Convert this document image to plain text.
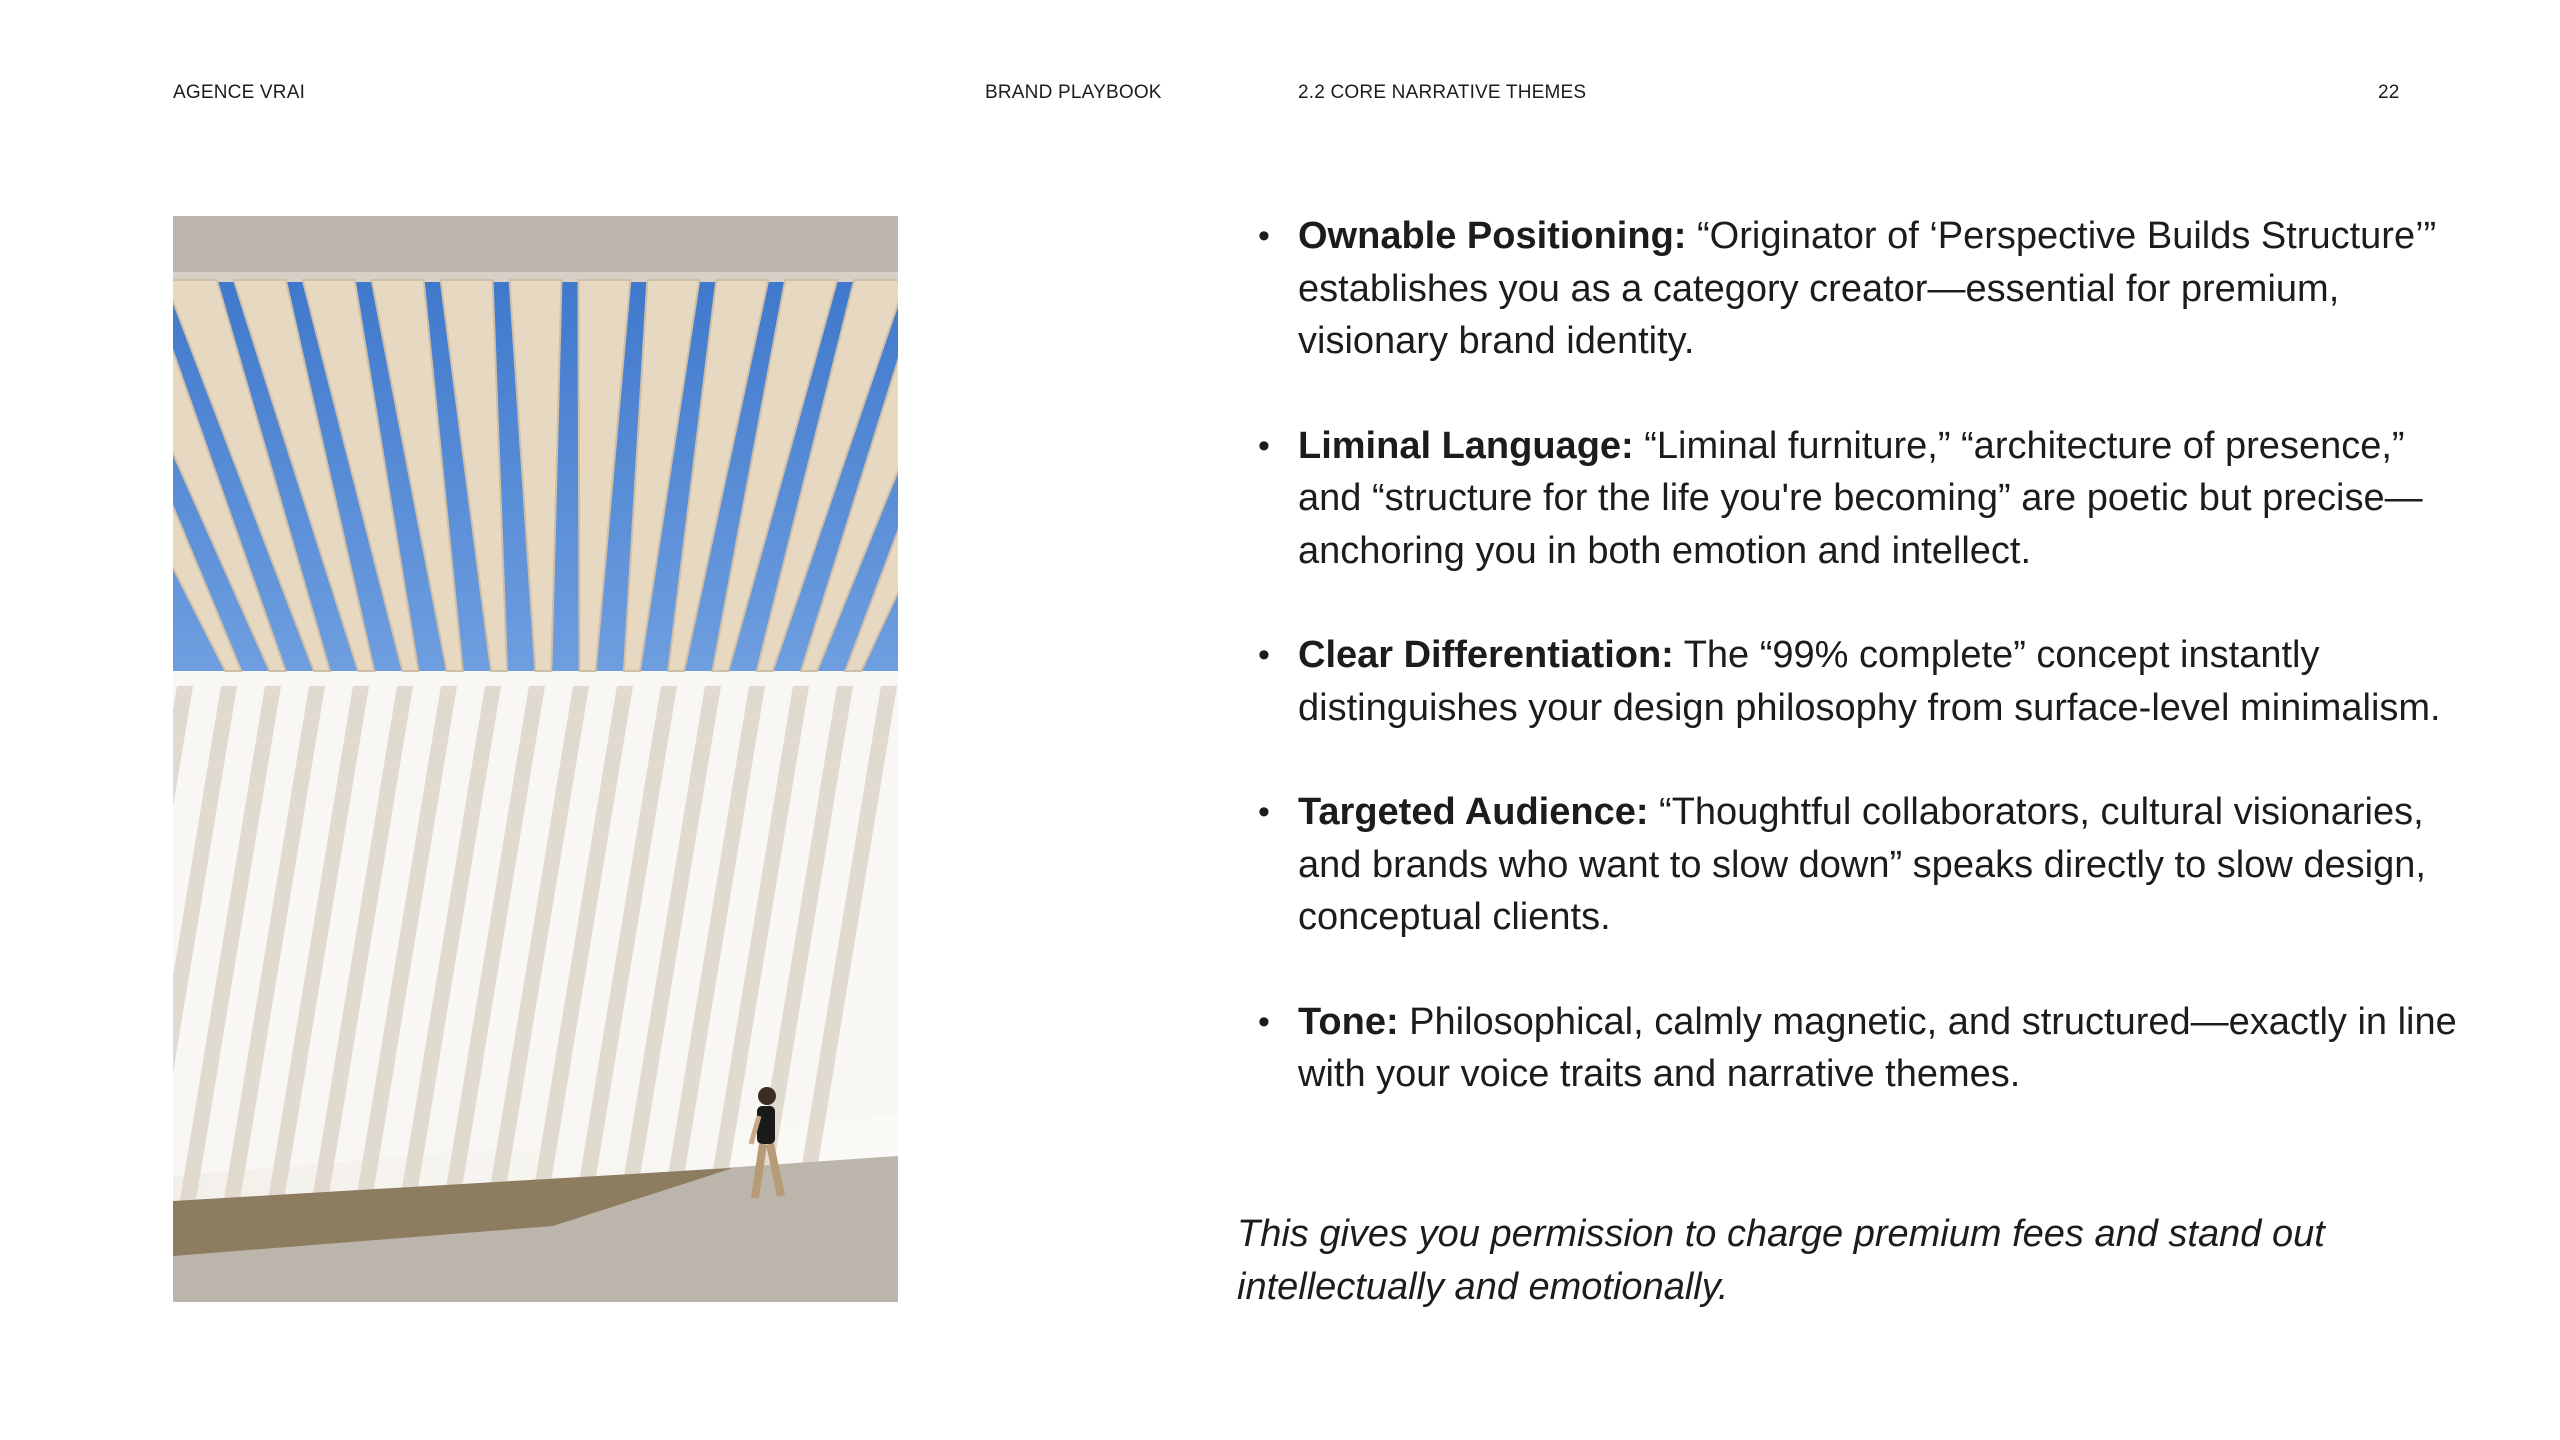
AGENCE VRAI	BRAND PLAYBOOK	2.2 CORE NARRATIVE THEMES	22
• Ownable Positioning: “Originator of ‘Perspective Builds Structure’” establishes you as a category creator—essential for premium, visionary brand identity.
• Liminal Language: “Liminal furniture,” “architecture of presence,” and “structure for the life you're becoming” are poetic but precise—anchoring you in both emotion and intellect.
• Clear Differentiation: The “99% complete” concept instantly distinguishes your design philosophy from surface-level minimalism.
• Targeted Audience: “Thoughtful collaborators, cultural visionaries, and brands who want to slow down” speaks directly to slow design, conceptual clients.
• Tone: Philosophical, calmly magnetic, and structured—exactly in line with your voice traits and narrative themes.
This gives you permission to charge premium fees and stand out intellectually and emotionally.
